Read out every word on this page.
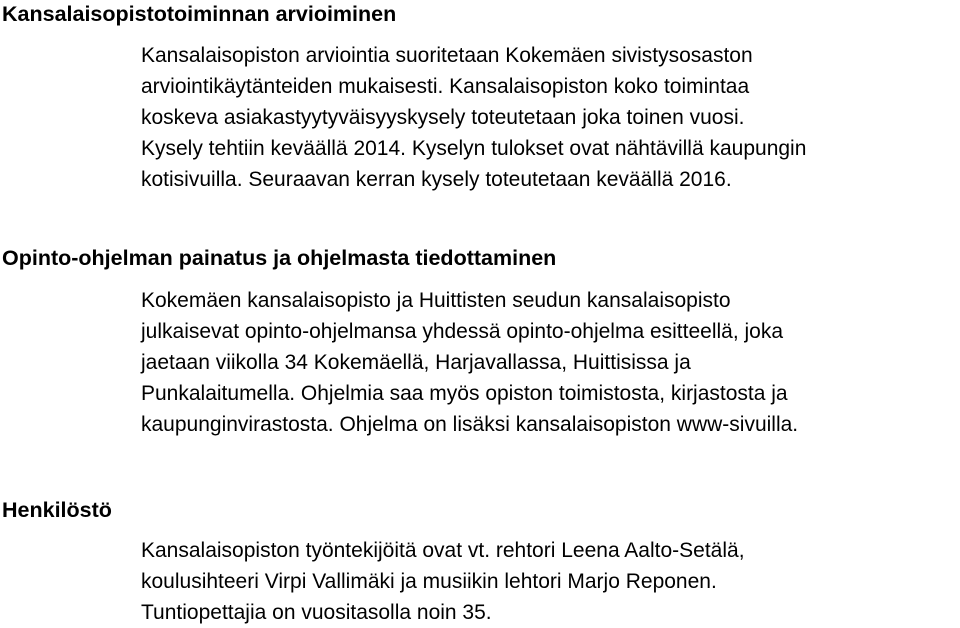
Kansalaisopistotoiminnan arvioiminen
Kansalaisopiston arviointia suoritetaan Kokemäen sivistysosaston
arviointikäytänteiden mukaisesti. Kansalaisopiston koko toimintaa
koskeva asiakastyytyväisyyskysely toteutetaan joka toinen vuosi.
Kysely tehtiin keväällä 2014. Kyselyn tulokset ovat nähtävillä kaupungin
kotisivuilla. Seuraavan kerran kysely toteutetaan keväällä 2016.
Opinto-ohjelman painatus ja ohjelmasta tiedottaminen
Kokemäen kansalaisopisto ja Huittisten seudun kansalaisopisto
julkaisevat opinto-ohjelmansa yhdessä opinto-ohjelma esitteellä, joka
jaetaan viikolla 34 Kokemäellä, Harjavallassa, Huittisissa ja
Punkalaitumella. Ohjelmia saa myös opiston toimistosta, kirjastosta ja
kaupunginvirastosta. Ohjelma on lisäksi kansalaisopiston www-sivuilla.
Henkilöstö
Kansalaisopiston työntekijöitä ovat vt. rehtori Leena Aalto-Setälä,
koulusihteeri Virpi Vallimäki ja musiikin lehtori Marjo Reponen.
Tuntiopettajia on vuositasolla noin 35.
